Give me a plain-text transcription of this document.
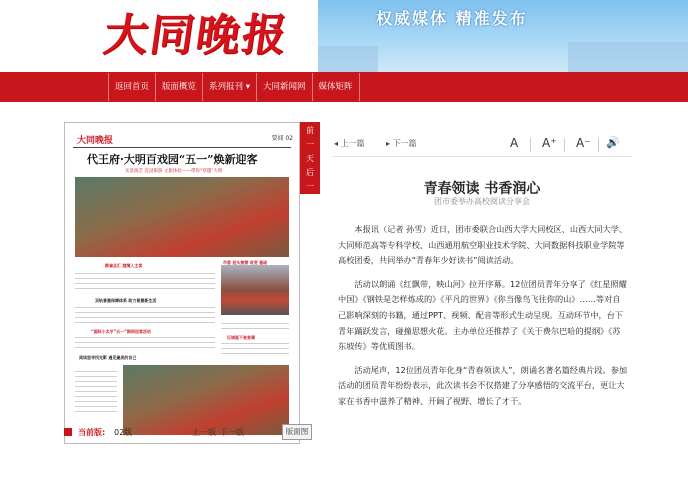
大同晚报	权威媒体 精准发布
返回首页	版面概览	系列报刊 ▾	大同新闻网	媒体矩阵
大同晚报	要闻 02
代王府·大明百戏园“五一”焕新迎客
实景演艺 沉浸街游 文旅体验——带你“穿越”大明
群雀总汇 越境入主客
市委 迎头接替 改变 基础
双轨普惠保障体系 助力普惠新生活
“国际小太平”五一”期间迎客活动
巨城诞下泉首蒲
阅读里寻找光影 遇见最美的自己
前
一
天
后
一
天
◂ 上一篇	▸ 下一篇	A A⁺ A⁻ 🔊
青春领读 书香润心
团市委举办高校阅读分享会

本报讯（记者 孙雪）近日，团市委联合山西大学大同校区、山西大同大学、大同师范高等专科学校、山西通用航空职业技术学院、大同数据科技职业学院等高校团委，共同举办“青春年少好读书”阅读活动。

活动以朗诵《红飘带，映山河》拉开序幕。12位团员青年分享了《红星照耀中国》《钢铁是怎样炼成的》《平凡的世界》《你当像鸟飞往你的山》……等对自己影响深刻的书籍，通过PPT、视频、配音等形式生动呈现。互动环节中，台下青年踊跃发言，碰撞思想火花。主办单位还推荐了《关于费尔巴哈的提纲》《苏东坡传》等优质图书。

活动尾声，12位团员青年化身“青春领读人”，朗诵名著名篇经典片段。参加活动的团员青年纷纷表示，此次读书会不仅搭建了分享感悟的交流平台，更让大家在书香中滋养了精神、开阔了视野、增长了才干。

当前版: 02版	上一版 下一版	版面图
